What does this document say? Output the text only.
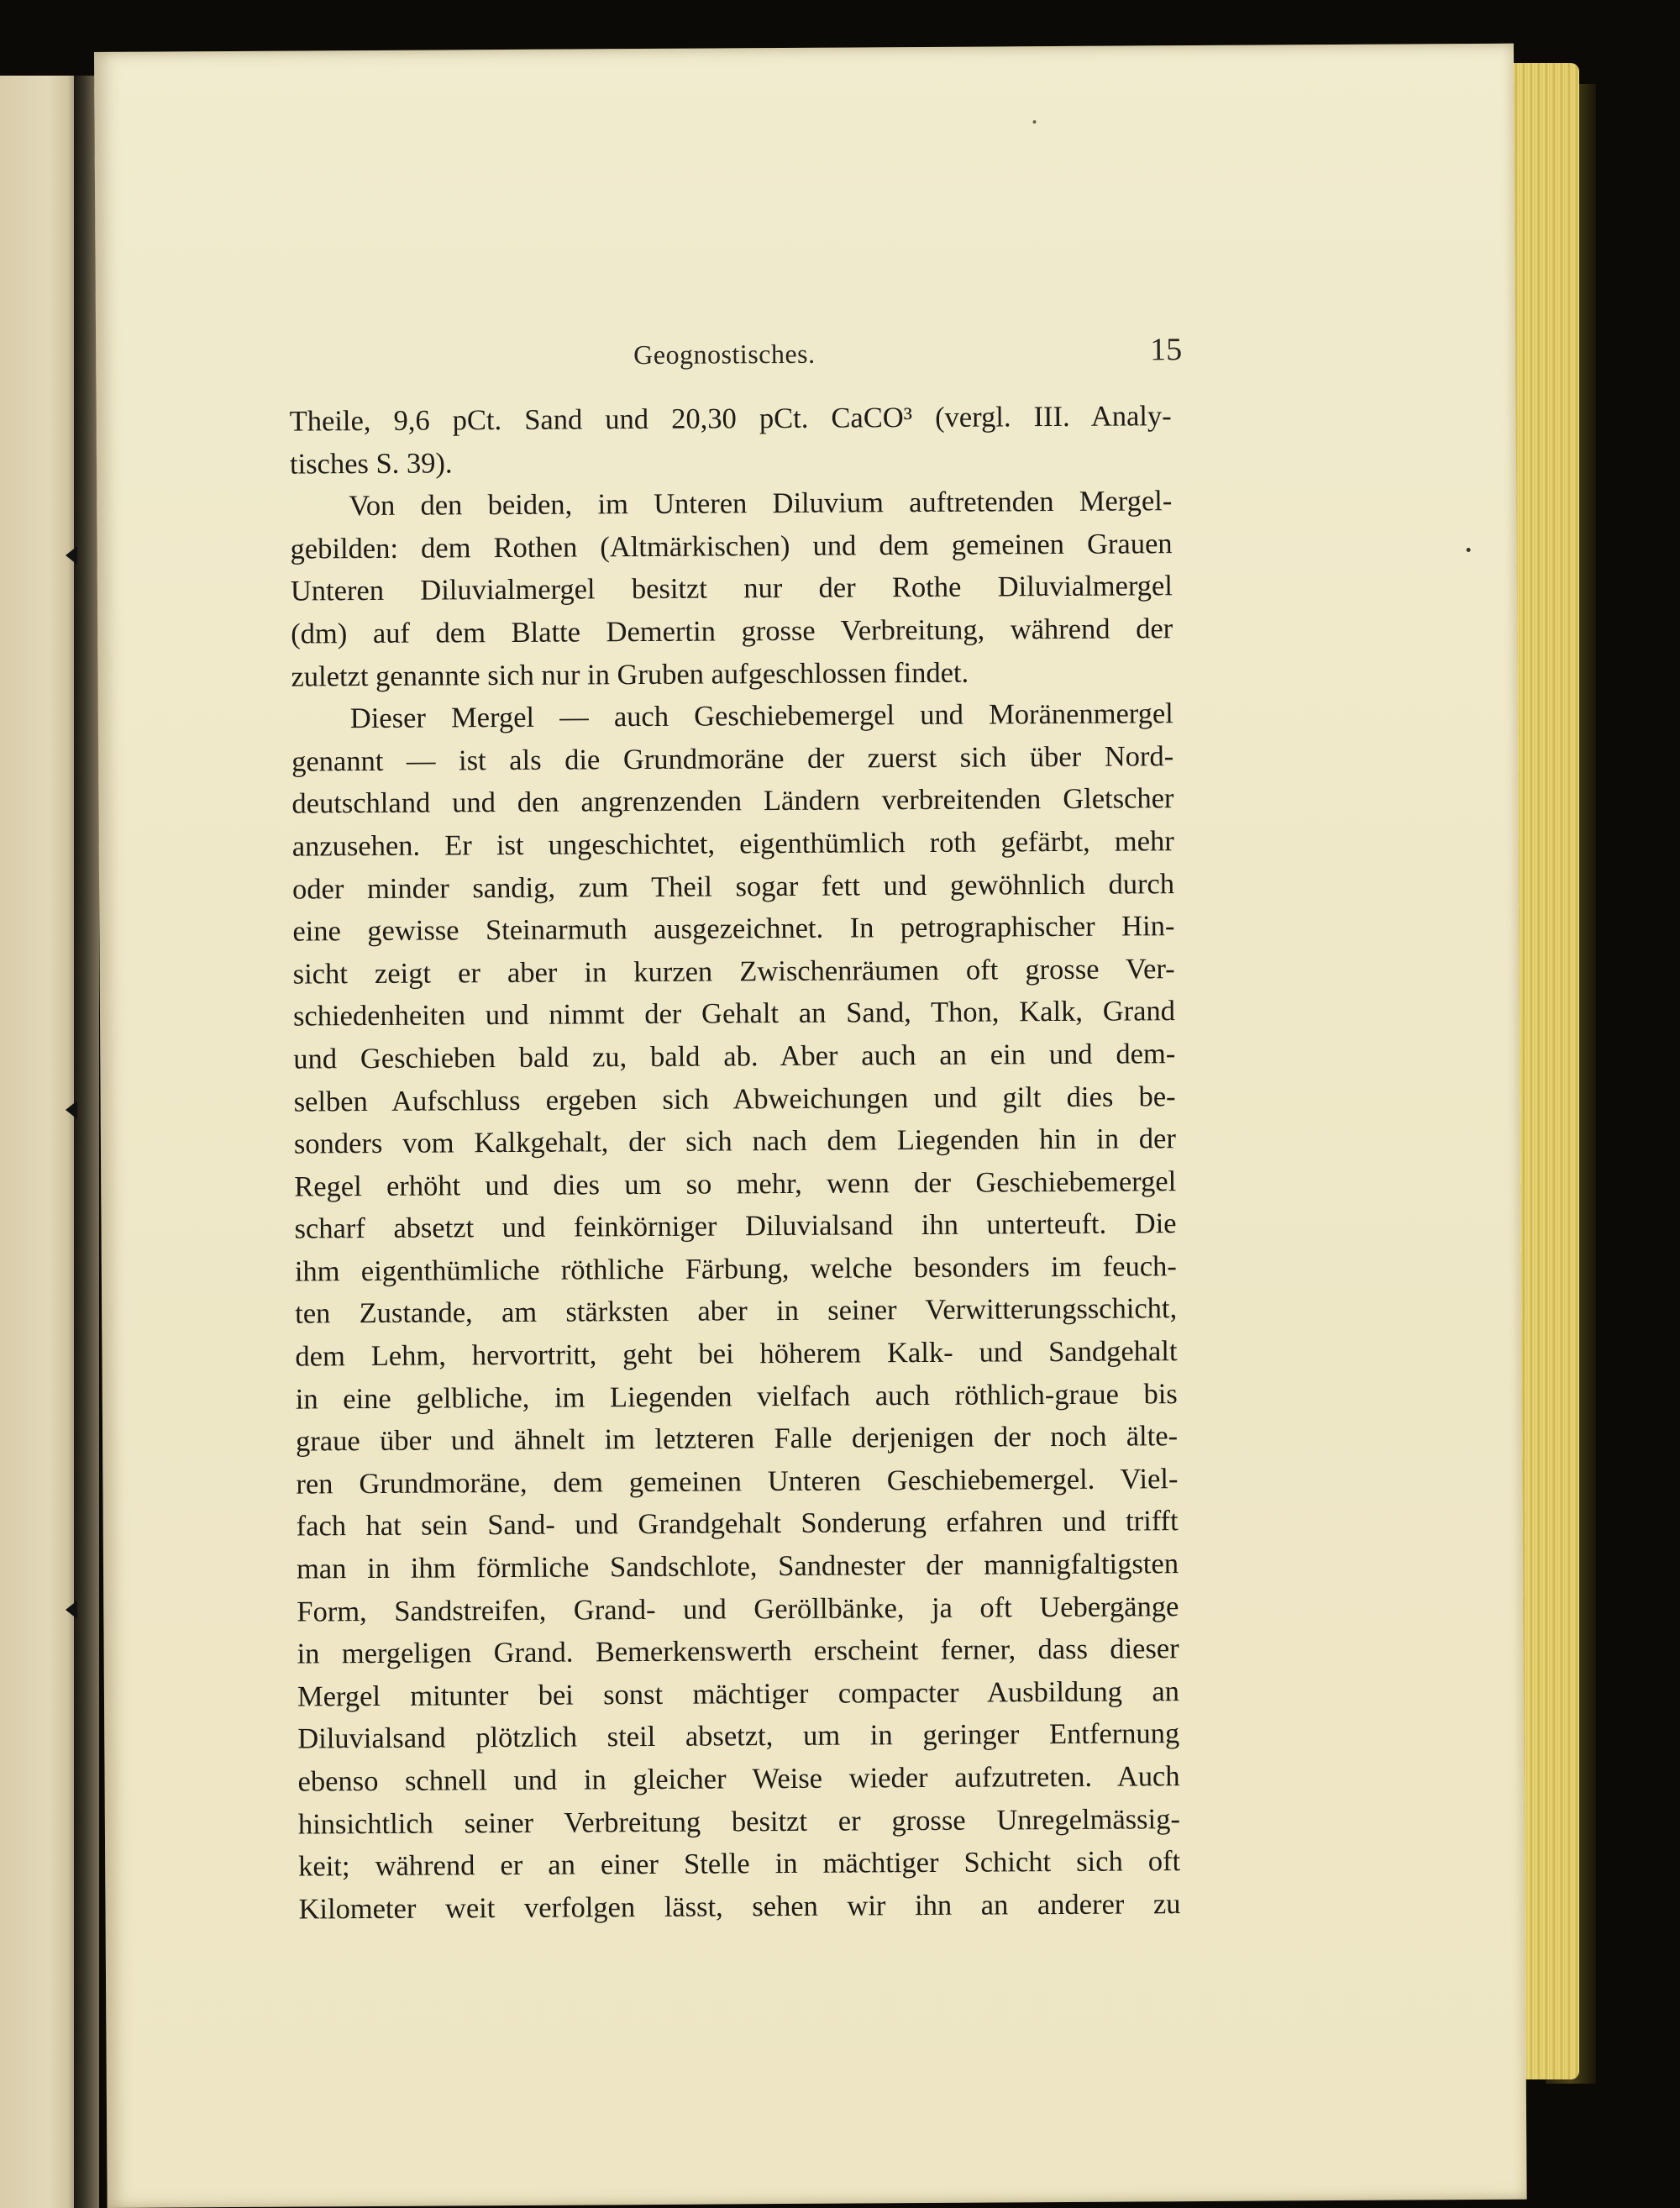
Geognostisches.	15
Theile, 9,6 pCt. Sand und 20,30 pCt. CaCO³ (vergl. III. Analy-
tisches S. 39).
Von den beiden, im Unteren Diluvium auftretenden Mergel-
gebilden: dem Rothen (Altmärkischen) und dem gemeinen Grauen
Unteren Diluvialmergel besitzt nur der Rothe Diluvialmergel
(dm) auf dem Blatte Demertin grosse Verbreitung, während der
zuletzt genannte sich nur in Gruben aufgeschlossen findet.
Dieser Mergel — auch Geschiebemergel und Moränenmergel
genannt — ist als die Grundmoräne der zuerst sich über Nord-
deutschland und den angrenzenden Ländern verbreitenden Gletscher
anzusehen. Er ist ungeschichtet, eigenthümlich roth gefärbt, mehr
oder minder sandig, zum Theil sogar fett und gewöhnlich durch
eine gewisse Steinarmuth ausgezeichnet. In petrographischer Hin-
sicht zeigt er aber in kurzen Zwischenräumen oft grosse Ver-
schiedenheiten und nimmt der Gehalt an Sand, Thon, Kalk, Grand
und Geschieben bald zu, bald ab. Aber auch an ein und dem-
selben Aufschluss ergeben sich Abweichungen und gilt dies be-
sonders vom Kalkgehalt, der sich nach dem Liegenden hin in der
Regel erhöht und dies um so mehr, wenn der Geschiebemergel
scharf absetzt und feinkörniger Diluvialsand ihn unterteuft. Die
ihm eigenthümliche röthliche Färbung, welche besonders im feuch-
ten Zustande, am stärksten aber in seiner Verwitterungsschicht,
dem Lehm, hervortritt, geht bei höherem Kalk- und Sandgehalt
in eine gelbliche, im Liegenden vielfach auch röthlich-graue bis
graue über und ähnelt im letzteren Falle derjenigen der noch älte-
ren Grundmoräne, dem gemeinen Unteren Geschiebemergel. Viel-
fach hat sein Sand- und Grandgehalt Sonderung erfahren und trifft
man in ihm förmliche Sandschlote, Sandnester der mannigfaltigsten
Form, Sandstreifen, Grand- und Geröllbänke, ja oft Uebergänge
in mergeligen Grand. Bemerkenswerth erscheint ferner, dass dieser
Mergel mitunter bei sonst mächtiger compacter Ausbildung an
Diluvialsand plötzlich steil absetzt, um in geringer Entfernung
ebenso schnell und in gleicher Weise wieder aufzutreten. Auch
hinsichtlich seiner Verbreitung besitzt er grosse Unregelmässig-
keit; während er an einer Stelle in mächtiger Schicht sich oft
Kilometer weit verfolgen lässt, sehen wir ihn an anderer zu
